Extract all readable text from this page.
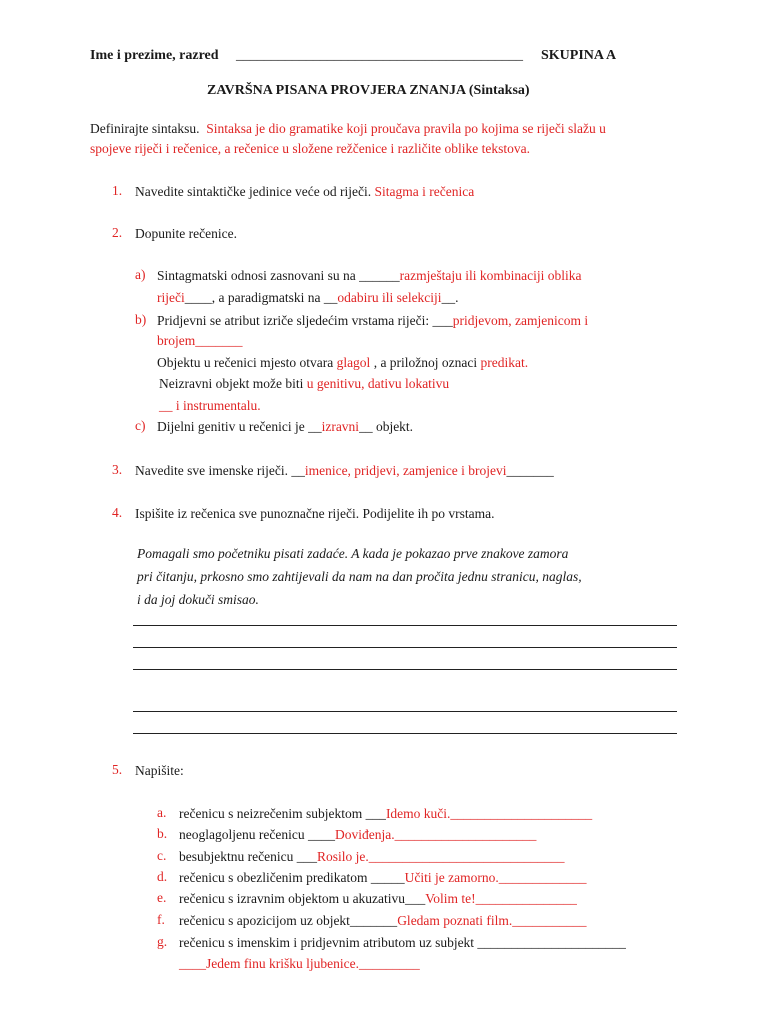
Ime i prezime, razred _________________________________________ SKUPINA A
ZAVRŠNA PISANA PROVJERA ZNANJA (Sintaksa)
Definirajte sintaksu. Sintaksa je dio gramatike koji proučava pravila po kojima se riječi slažu u
spojeve riječi i rečenice, a rečenice u složene režčenice i različite oblike tekstova.
1. Navedite sintaktičke jedinice veće od riječi. Sitagma i rečenica
2. Dopunite rečenice.
a) Sintagmatski odnosi zasnovani su na ______razmještaju ili kombinaciji oblika
riječi____, a paradigmatski na __odabiru ili selekciji__.
b) Pridjevni se atribut izriče sljedećim vrstama riječi: ___pridjevom, zamjenicom i
brojem_______
Objektu u rečenici mjesto otvara glagol , a priložnoj oznaci predikat.
Neizravni objekt može biti u genitivu, dativu lokativu
__ i instrumentalu.
c) Dijelni genitiv u rečenici je __izravni__ objekt.
3. Navedite sve imenske riječi. __imenice, pridjevi, zamjenice i brojevi_______
4. Ispišite iz rečenica sve punoznačne riječi. Podijelite ih po vrstama.
Pomagali smo početniku pisati zadaće. A kada je pokazao prve znakove zamora
pri čitanju, prkosno smo zahtijevali da nam na dan pročita jednu stranicu, naglas,
i da joj dokuči smisao.
5. Napišite:
a. rečenicu s neizrečenim subjektom ___Idemo kuči._____________________
b. neoglagoljenu rečenicu ____Doviđenja._____________________
c. besubjektnu rečenicu ___Rosilo je._____________________________
d. rečenicu s obezličenim predikatom _____Učiti je zamorno._____________
e. rečenicu s izravnim objektom u akuzativu___Volim te!_______________
f. rečenicu s apozicijom uz objekt_______Gledam poznati film.___________
g. rečenicu s imenskim i pridjevnim atributom uz subjekt ______________________
____Jedem finu krišku ljubenice._________
